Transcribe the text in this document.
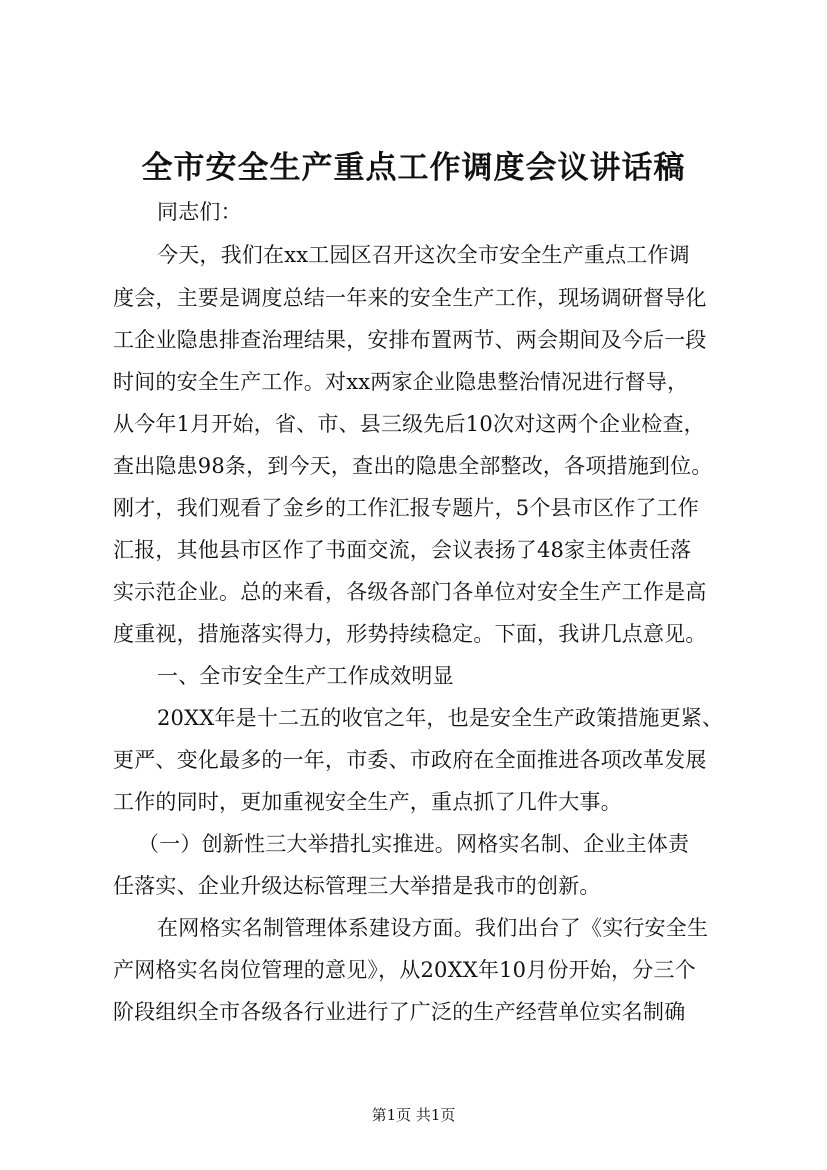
全市安全生产重点工作调度会议讲话稿
同志们：
今天，我们在xx工园区召开这次全市安全生产重点工作调
度会，主要是调度总结一年来的安全生产工作，现场调研督导化
工企业隐患排查治理结果，安排布置两节、两会期间及今后一段
时间的安全生产工作。对xx两家企业隐患整治情况进行督导，
从今年1月开始，省、市、县三级先后10次对这两个企业检查，
查出隐患98条，到今天，查出的隐患全部整改，各项措施到位。
刚才，我们观看了金乡的工作汇报专题片，5个县市区作了工作
汇报，其他县市区作了书面交流，会议表扬了48家主体责任落
实示范企业。总的来看，各级各部门各单位对安全生产工作是高
度重视，措施落实得力，形势持续稳定。下面，我讲几点意见。
一、全市安全生产工作成效明显
20XX年是十二五的收官之年，也是安全生产政策措施更紧、
更严、变化最多的一年，市委、市政府在全面推进各项改革发展
工作的同时，更加重视安全生产，重点抓了几件大事。
（一）创新性三大举措扎实推进。网格实名制、企业主体责
任落实、企业升级达标管理三大举措是我市的创新。
在网格实名制管理体系建设方面。我们出台了《实行安全生
产网格实名岗位管理的意见》，从20XX年10月份开始，分三个
阶段组织全市各级各行业进行了广泛的生产经营单位实名制确
第1页 共1页
